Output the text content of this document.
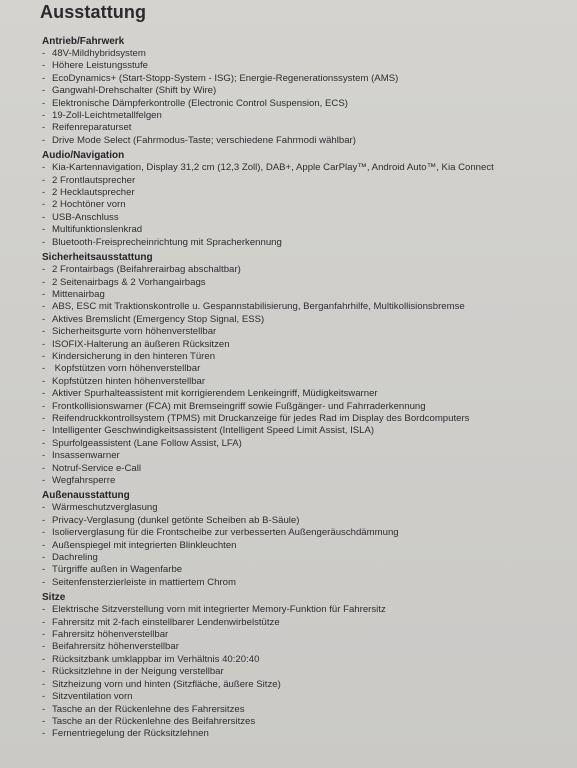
Ausstattung
Antrieb/Fahrwerk
- 48V-Mildhybridsystem
- Höhere Leistungsstufe
- EcoDynamics+ (Start-Stopp-System - ISG); Energie-Regenerationssystem (AMS)
- Gangwahl-Drehschalter (Shift by Wire)
- Elektronische Dämpferkontrolle (Electronic Control Suspension, ECS)
- 19-Zoll-Leichtmetallfelgen
- Reifenreparaturset
- Drive Mode Select (Fahrmodus-Taste; verschiedene Fahrmodi wählbar)
Audio/Navigation
- Kia-Kartennavigation, Display 31,2 cm (12,3 Zoll), DAB+, Apple CarPlay™, Android Auto™, Kia Connect
- 2 Frontlautsprecher
- 2 Hecklautsprecher
- 2 Hochtöner vorn
- USB-Anschluss
- Multifunktionslenkrad
- Bluetooth-Freisprecheinrichtung mit Spracherkennung
Sicherheitsausstattung
- 2 Frontairbags (Beifahrerairbag abschaltbar)
- 2 Seitenairbags & 2 Vorhangairbags
- Mittenairbag
- ABS, ESC mit Traktionskontrolle u. Gespannstabilisierung, Berganfahrhilfe, Multikollisionsbremse
- Aktives Bremslicht (Emergency Stop Signal, ESS)
- Sicherheitsgurte vorn höhenverstellbar
- ISOFIX-Halterung an äußeren Rücksitzen
- Kindersicherung in den hinteren Türen
- Kopfstützen vorn höhenverstellbar
- Kopfstützen hinten höhenverstellbar
- Aktiver Spurhalteassistent mit korrigierendem Lenkeingriff, Müdigkeitswarner
- Frontkollisionswarner (FCA) mit Bremseingriff sowie Fußgänger- und Fahrraderkennung
- Reifendruckkontrollsystem (TPMS) mit Druckanzeige für jedes Rad im Display des Bordcomputers
- Intelligenter Geschwindigkeitsassistent (Intelligent Speed Limit Assist, ISLA)
- Spurfolgeassistent (Lane Follow Assist, LFA)
- Insassenwarner
- Notruf-Service e-Call
- Wegfahrsperre
Außenausstattung
- Wärmeschutzverglasung
- Privacy-Verglasung (dunkel getönte Scheiben ab B-Säule)
- Isolierverglasung für die Frontscheibe zur verbesserten Außengeräuschdämmung
- Außenspiegel mit integrierten Blinkleuchten
- Dachreling
- Türgriffe außen in Wagenfarbe
- Seitenfensterzierleiste in mattiertem Chrom
Sitze
- Elektrische Sitzverstellung vorn mit integrierter Memory-Funktion für Fahrersitz
- Fahrersitz mit 2-fach einstellbarer Lendenwirbelstütze
- Fahrersitz höhenverstellbar
- Beifahrersitz höhenverstellbar
- Rücksitzbank umklappbar im Verhältnis 40:20:40
- Rücksitzlehne in der Neigung verstellbar
- Sitzheizung vorn und hinten (Sitzfläche, äußere Sitze)
- Sitzventilation vorn
- Tasche an der Rückenlehne des Fahrersitzes
- Tasche an der Rückenlehne des Beifahrersitzes
- Fernentriegelung der Rücksitzlehnen
